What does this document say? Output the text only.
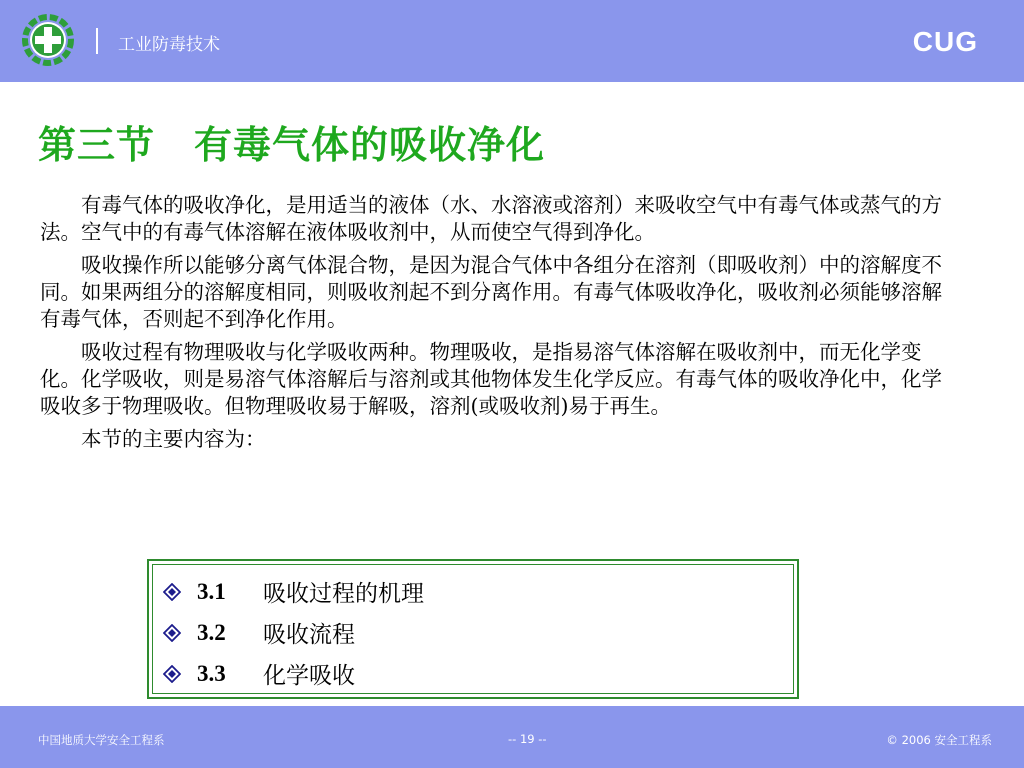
工业防毒技术	CUG
第三节　有毒气体的吸收净化

有毒气体的吸收净化，是用适当的液体（水、水溶液或溶剂）来吸收空气中有毒气体或蒸气的方法。空气中的有毒气体溶解在液体吸收剂中，从而使空气得到净化。

吸收操作所以能够分离气体混合物，是因为混合气体中各组分在溶剂（即吸收剂）中的溶解度不同。如果两组分的溶解度相同，则吸收剂起不到分离作用。有毒气体吸收净化，吸收剂必须能够溶解有毒气体，否则起不到净化作用。

吸收过程有物理吸收与化学吸收两种。物理吸收，是指易溶气体溶解在吸收剂中，而无化学变化。化学吸收，则是易溶气体溶解后与溶剂或其他物体发生化学反应。有毒气体的吸收净化中，化学吸收多于物理吸收。但物理吸收易于解吸，溶剂(或吸收剂)易于再生。

本节的主要内容为：

3.1	吸收过程的机理
3.2	吸收流程
3.3	化学吸收
中国地质大学安全工程系	-- 19 --	© 2006 安全工程系
